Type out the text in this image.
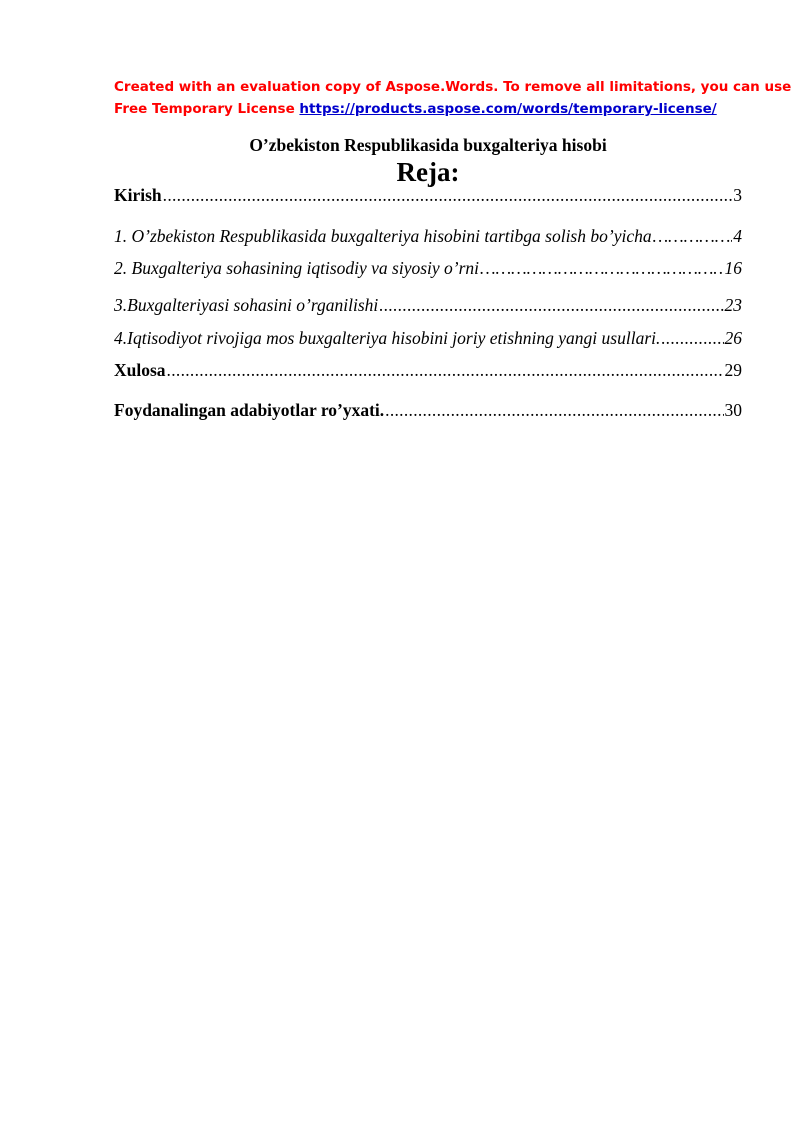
Created with an evaluation copy of Aspose.Words. To remove all limitations, you can use
Free Temporary License https://products.aspose.com/words/temporary-license/
O’zbekiston Respublikasida buxgalteriya hisobi
Reja:
Kirish .....	3
1. O’zbekiston Respublikasida buxgalteriya hisobini tartibga solish bo’yicha ……………………………………………………………………………………………………………………………………………………………………………	4
2. Buxgalteriya sohasining iqtisodiy va siyosiy o’rni ……………………………………………………………………………………………………………………………………………………………………………	16
3.Buxgalteriyasi sohasini o’rganilishi .....	23
4.Iqtisodiyot rivojiga mos buxgalteriya hisobini joriy etishning yangi usullari. .....	26
Xulosa .....	29
Foydanalingan adabiyotlar ro’yxati. .....	30
